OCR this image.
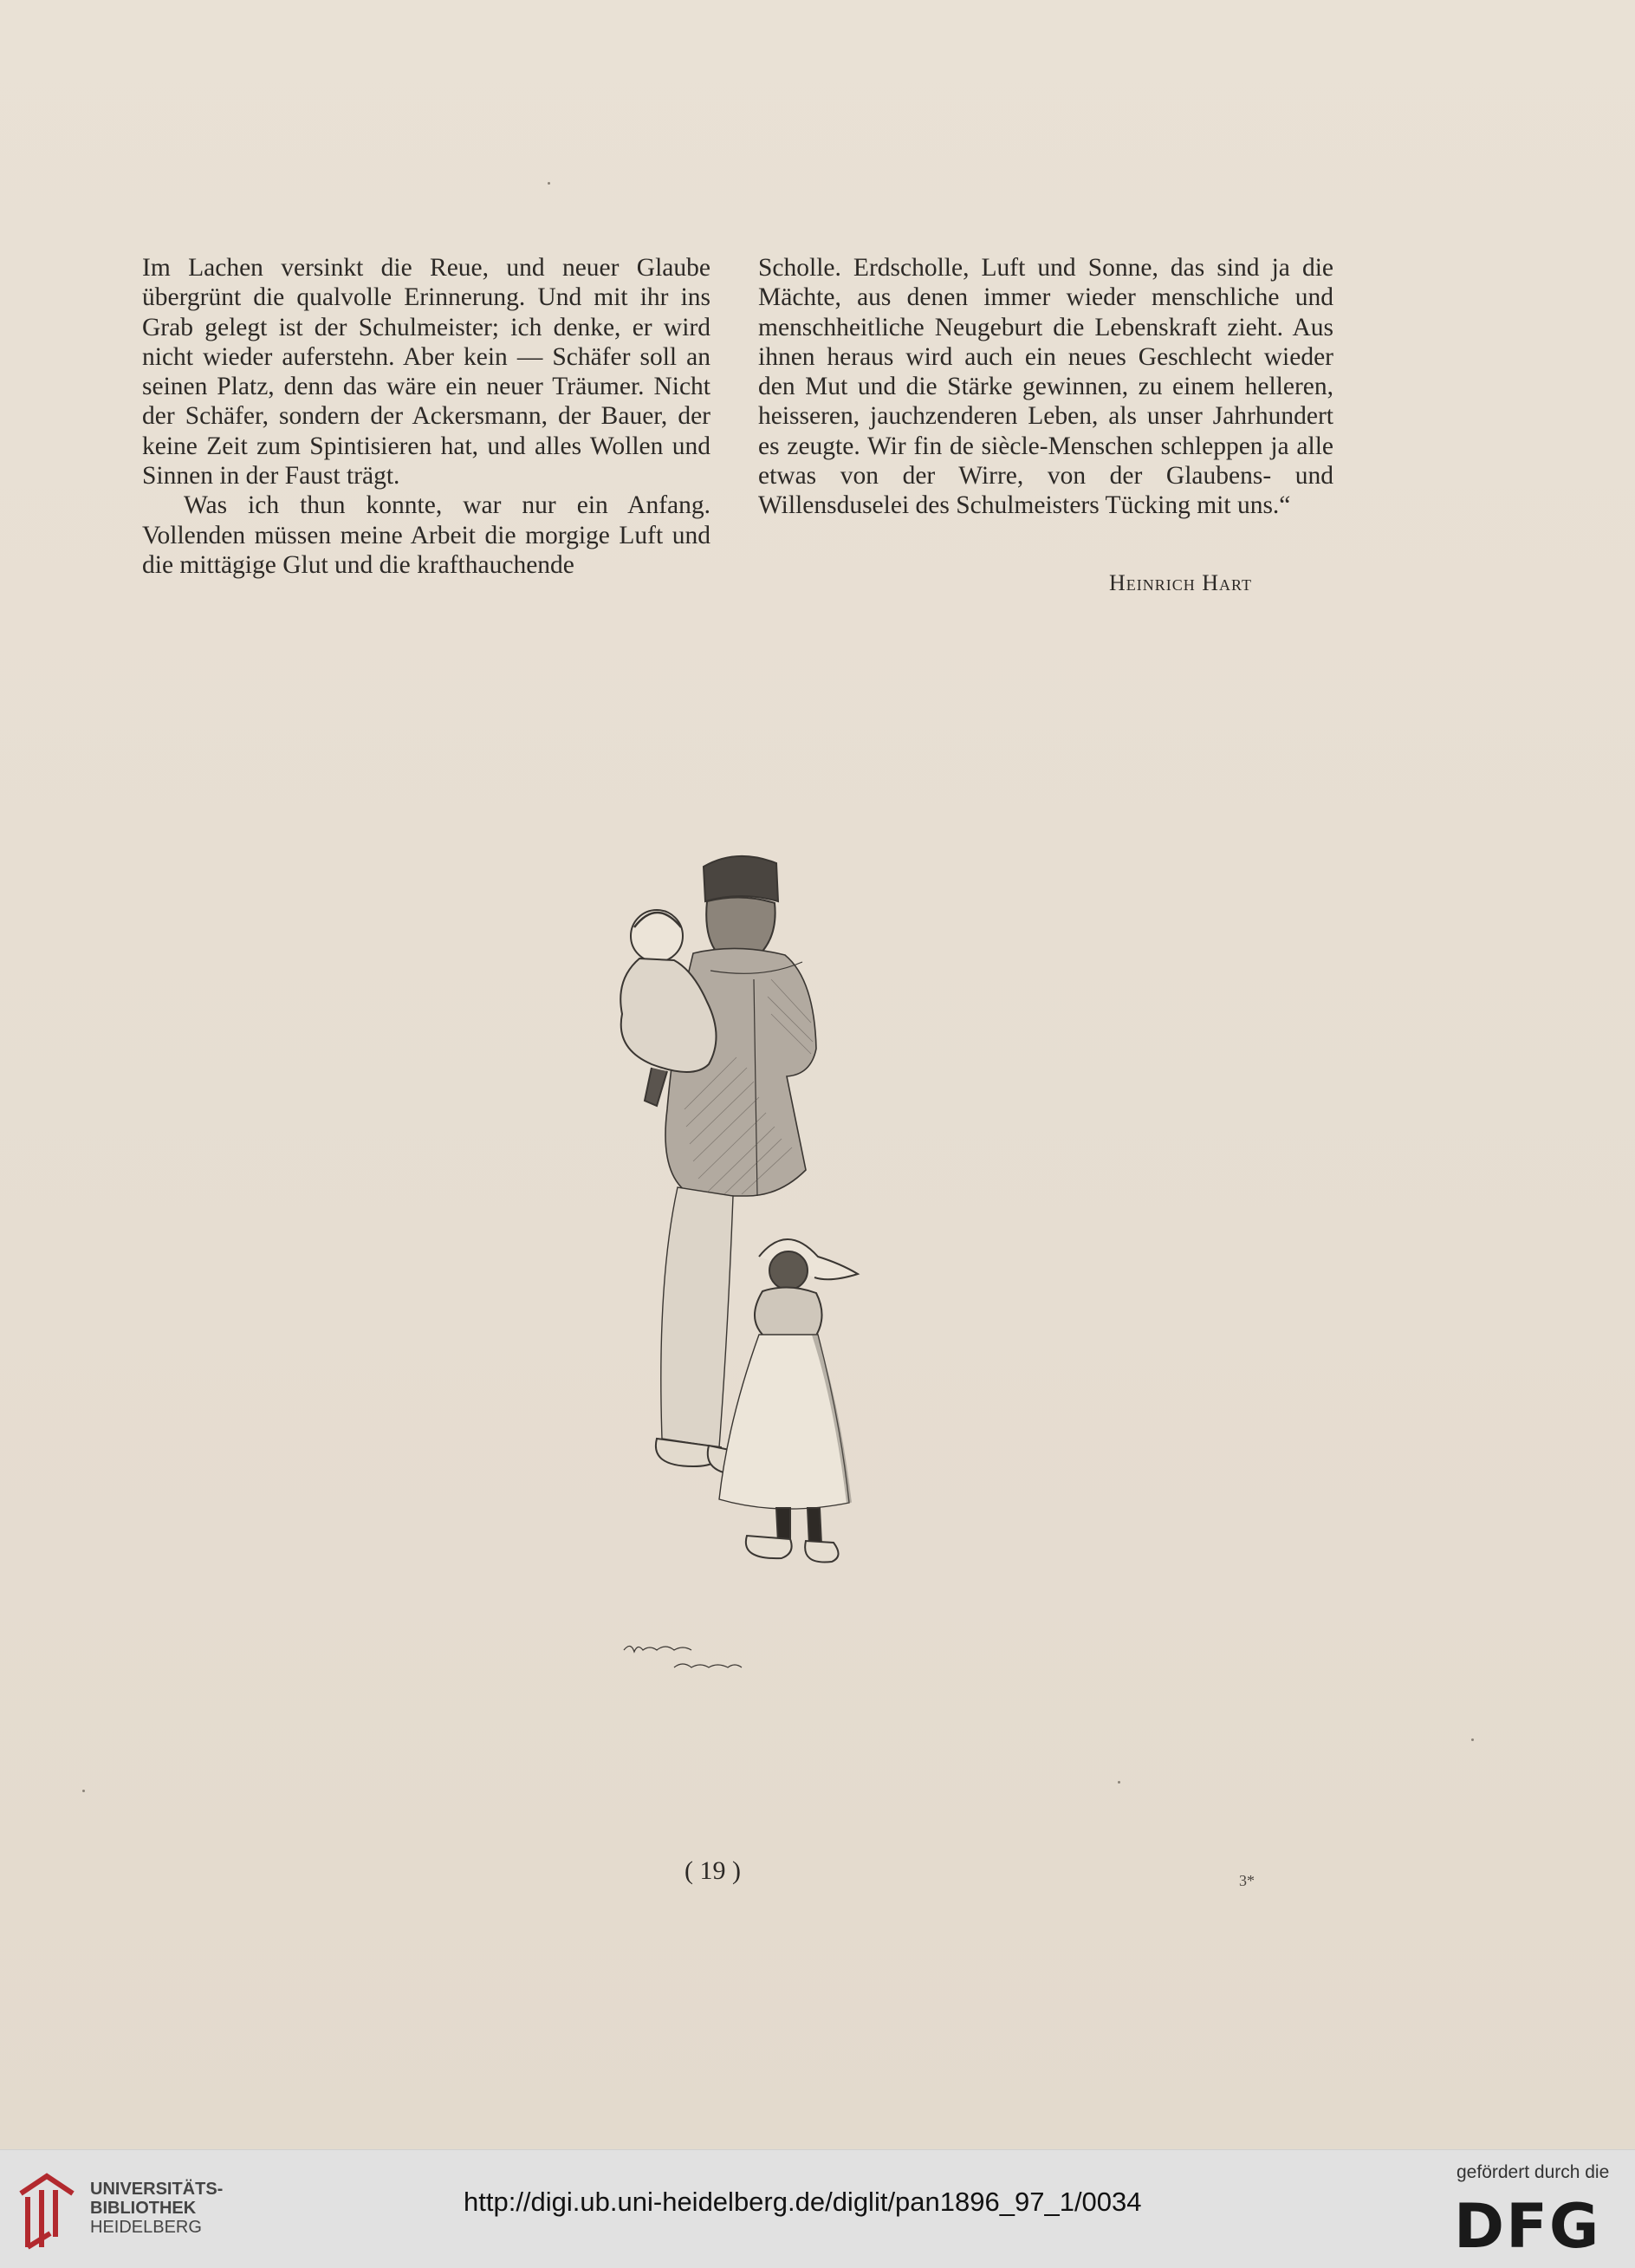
Im Lachen versinkt die Reue, und neuer Glaube übergrünt die qualvolle Erinnerung. Und mit ihr ins Grab gelegt ist der Schulmeister; ich denke, er wird nicht wieder auferstehn. Aber kein — Schäfer soll an seinen Platz, denn das wäre ein neuer Träumer. Nicht der Schäfer, sondern der Ackersmann, der Bauer, der keine Zeit zum Spintisieren hat, und alles Wollen und Sinnen in der Faust trägt.

Was ich thun konnte, war nur ein Anfang. Vollenden müssen meine Arbeit die morgige Luft und die mittägige Glut und die krafthauchende

Scholle. Erdscholle, Luft und Sonne, das sind ja die Mächte, aus denen immer wieder menschliche und menschheitliche Neugeburt die Lebenskraft zieht. Aus ihnen heraus wird auch ein neues Geschlecht wieder den Mut und die Stärke gewinnen, zu einem helleren, heisseren, jauchzenderen Leben, als unser Jahrhundert es zeugte. Wir fin de siècle-Menschen schleppen ja alle etwas von der Wirre, von der Glaubens- und Willensduselei des Schulmeisters Tücking mit uns.“

Heinrich Hart
( 19 )	3*
UNIVERSITÄTS-
BIBLIOTHEK
HEIDELBERG
http://digi.ub.uni-heidelberg.de/diglit/pan1896_97_1/0034
gefördert durch die
DFG
